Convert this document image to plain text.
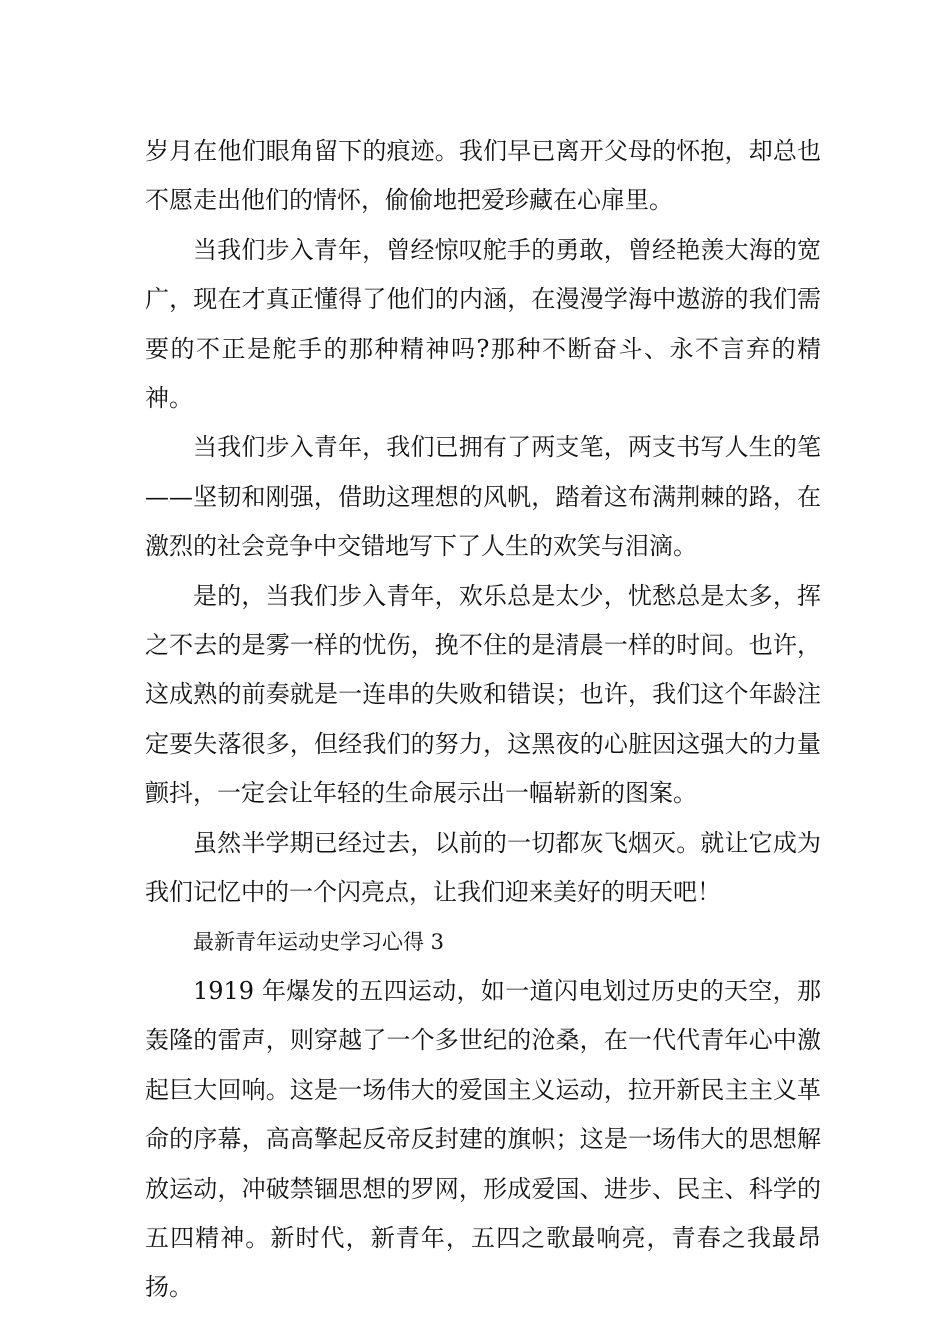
岁月在他们眼角留下的痕迹。我们早已离开父母的怀抱，却总也不愿走出他们的情怀，偷偷地把爱珍藏在心扉里。

当我们步入青年，曾经惊叹舵手的勇敢，曾经艳羡大海的宽广，现在才真正懂得了他们的内涵，在漫漫学海中遨游的我们需要的不正是舵手的那种精神吗?那种不断奋斗、永不言弃的精神。

当我们步入青年，我们已拥有了两支笔，两支书写人生的笔——坚韧和刚强，借助这理想的风帆，踏着这布满荆棘的路，在激烈的社会竞争中交错地写下了人生的欢笑与泪滴。

是的，当我们步入青年，欢乐总是太少，忧愁总是太多，挥之不去的是雾一样的忧伤，挽不住的是清晨一样的时间。也许，这成熟的前奏就是一连串的失败和错误；也许，我们这个年龄注定要失落很多，但经我们的努力，这黑夜的心脏因这强大的力量颤抖，一定会让年轻的生命展示出一幅崭新的图案。

虽然半学期已经过去，以前的一切都灰飞烟灭。就让它成为我们记忆中的一个闪亮点，让我们迎来美好的明天吧！

最新青年运动史学习心得 3

1919 年爆发的五四运动，如一道闪电划过历史的天空，那轰隆的雷声，则穿越了一个多世纪的沧桑，在一代代青年心中激起巨大回响。这是一场伟大的爱国主义运动，拉开新民主主义革命的序幕，高高擎起反帝反封建的旗帜；这是一场伟大的思想解放运动，冲破禁锢思想的罗网，形成爱国、进步、民主、科学的五四精神。新时代，新青年，五四之歌最响亮，青春之我最昂扬。
